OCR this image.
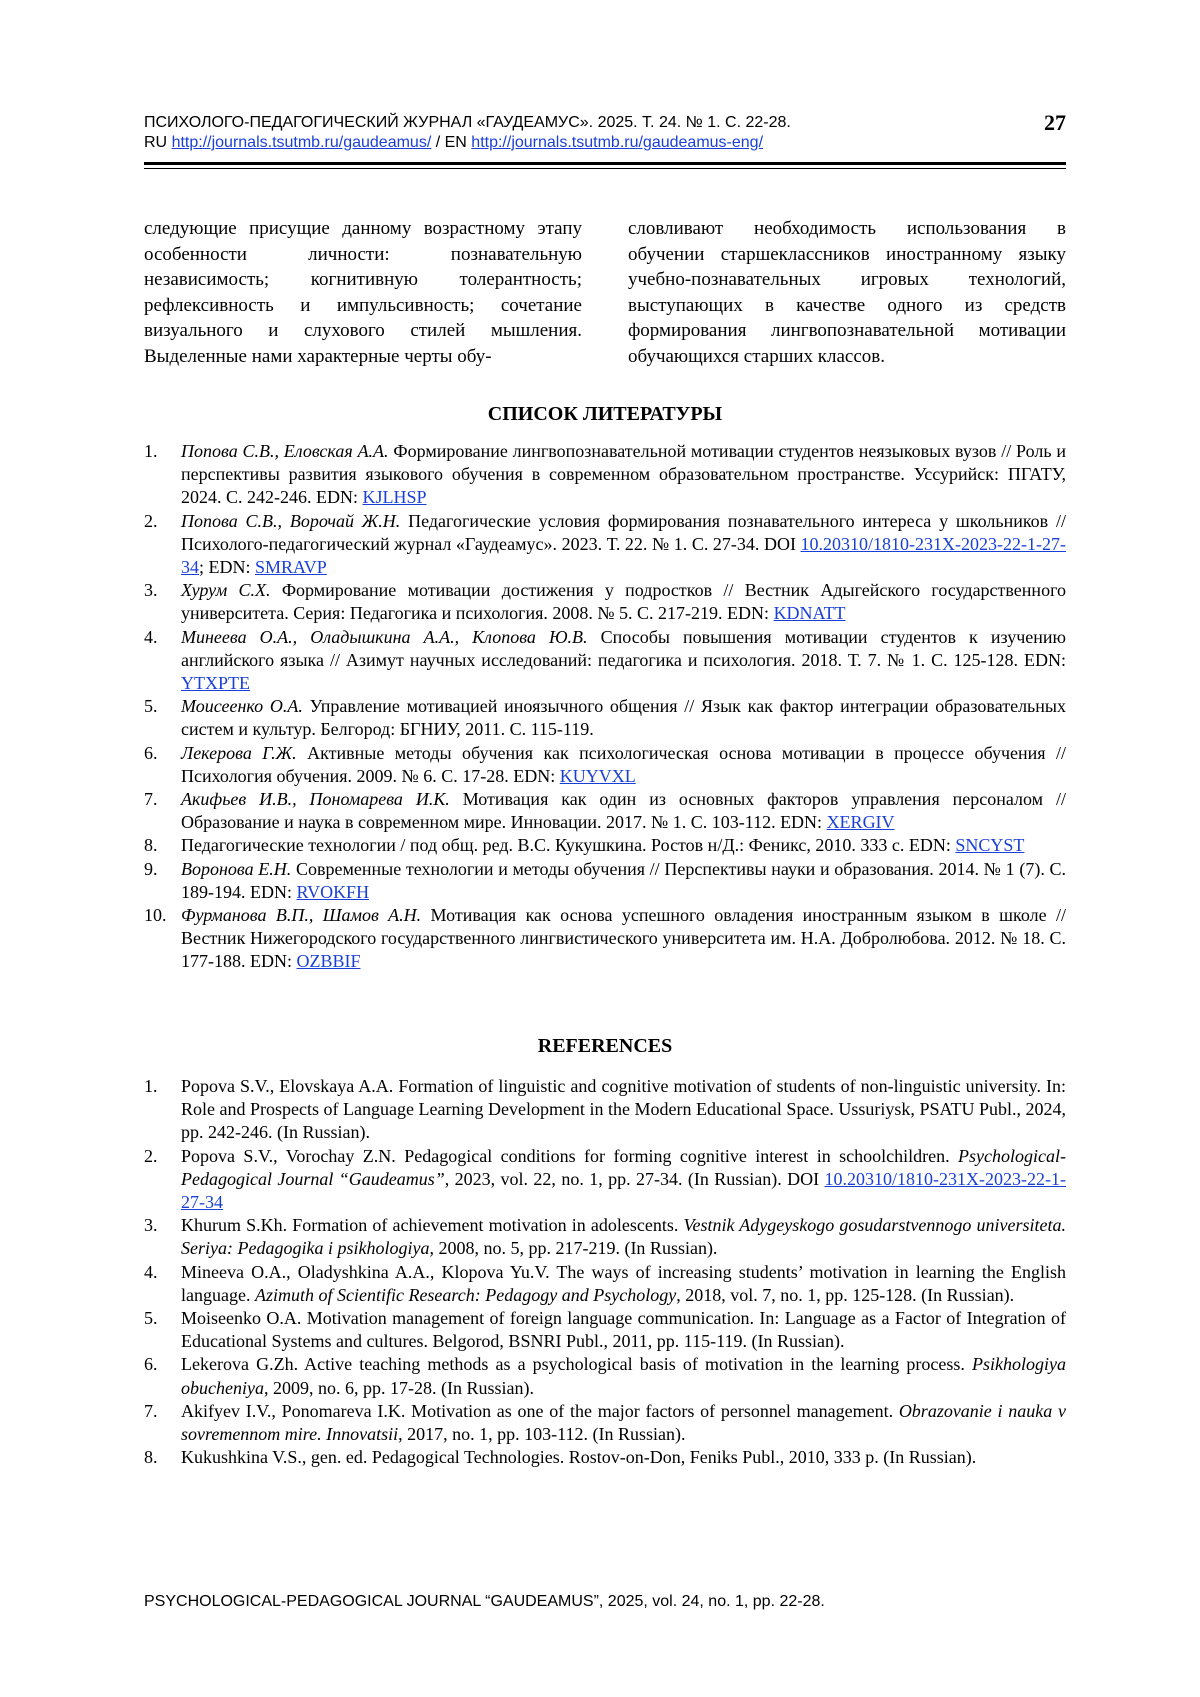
ПСИХОЛОГО-ПЕДАГОГИЧЕСКИЙ ЖУРНАЛ «ГАУДЕАМУС». 2025. Т. 24. № 1. С. 22-28.
RU http://journals.tsutmb.ru/gaudeamus/ / EN http://journals.tsutmb.ru/gaudeamus-eng/
27

следующие присущие данному возрастному этапу особенности личности: познавательную независимость; когнитивную толерантность; рефлексивность и импульсивность; сочетание визуального и слухового стилей мышления. Выделенные нами характерные черты обу-

словливают необходимость использования в обучении старшеклассников иностранному языку учебно-познавательных игровых технологий, выступающих в качестве одного из средств формирования лингвопознавательной мотивации обучающихся старших классов.

СПИСОК ЛИТЕРАТУРЫ
1. Попова С.В., Еловская А.А. Формирование лингвопознавательной мотивации студентов неязыковых вузов // Роль и перспективы развития языкового обучения в современном образовательном пространстве. Уссурийск: ПГАТУ, 2024. С. 242-246. EDN: KJLHSP
2. Попова С.В., Ворочай Ж.Н. Педагогические условия формирования познавательного интереса у школьников // Психолого-педагогический журнал «Гаудеамус». 2023. Т. 22. № 1. С. 27-34. DOI 10.20310/1810-231X-2023-22-1-27-34; EDN: SMRAVP
3. Хурум С.Х. Формирование мотивации достижения у подростков // Вестник Адыгейского государственного университета. Серия: Педагогика и психология. 2008. № 5. С. 217-219. EDN: KDNATT
4. Минеева О.А., Оладышкина А.А., Клопова Ю.В. Способы повышения мотивации студентов к изучению английского языка // Азимут научных исследований: педагогика и психология. 2018. Т. 7. № 1. С. 125-128. EDN: YTXPTE
5. Моисеенко О.А. Управление мотивацией иноязычного общения // Язык как фактор интеграции образовательных систем и культур. Белгород: БГНИУ, 2011. С. 115-119.
6. Лекерова Г.Ж. Активные методы обучения как психологическая основа мотивации в процессе обучения // Психология обучения. 2009. № 6. С. 17-28. EDN: KUYVXL
7. Акифьев И.В., Пономарева И.К. Мотивация как один из основных факторов управления персоналом // Образование и наука в современном мире. Инновации. 2017. № 1. С. 103-112. EDN: XERGIV
8. Педагогические технологии / под общ. ред. В.С. Кукушкина. Ростов н/Д.: Феникс, 2010. 333 с. EDN: SNCYST
9. Воронова Е.Н. Современные технологии и методы обучения // Перспективы науки и образования. 2014. № 1 (7). С. 189-194. EDN: RVOKFH
10. Фурманова В.П., Шамов А.Н. Мотивация как основа успешного овладения иностранным языком в школе // Вестник Нижегородского государственного лингвистического университета им. Н.А. Добролюбова. 2012. № 18. С. 177-188. EDN: OZBBIF
REFERENCES
1. Popova S.V., Elovskaya A.A. Formation of linguistic and cognitive motivation of students of non-linguistic university. In: Role and Prospects of Language Learning Development in the Modern Educational Space. Ussuriysk, PSATU Publ., 2024, pp. 242-246. (In Russian).
2. Popova S.V., Vorochay Z.N. Pedagogical conditions for forming cognitive interest in schoolchildren. Psychological-Pedagogical Journal “Gaudeamus”, 2023, vol. 22, no. 1, pp. 27-34. (In Russian). DOI 10.20310/1810-231X-2023-22-1-27-34
3. Khurum S.Kh. Formation of achievement motivation in adolescents. Vestnik Adygeyskogo gosudarstvennogo universiteta. Seriya: Pedagogika i psikhologiya, 2008, no. 5, pp. 217-219. (In Russian).
4. Mineeva O.A., Oladyshkina A.A., Klopova Yu.V. The ways of increasing students’ motivation in learning the English language. Azimuth of Scientific Research: Pedagogy and Psychology, 2018, vol. 7, no. 1, pp. 125-128. (In Russian).
5. Moiseenko O.A. Motivation management of foreign language communication. In: Language as a Factor of Integration of Educational Systems and cultures. Belgorod, BSNRI Publ., 2011, pp. 115-119. (In Russian).
6. Lekerova G.Zh. Active teaching methods as a psychological basis of motivation in the learning process. Psikhologiya obucheniya, 2009, no. 6, pp. 17-28. (In Russian).
7. Akifyev I.V., Ponomareva I.K. Motivation as one of the major factors of personnel management. Obrazovanie i nauka v sovremennom mire. Innovatsii, 2017, no. 1, pp. 103-112. (In Russian).
8. Kukushkina V.S., gen. ed. Pedagogical Technologies. Rostov-on-Don, Feniks Publ., 2010, 333 p. (In Russian).
PSYCHOLOGICAL-PEDAGOGICAL JOURNAL “GAUDEAMUS”, 2025, vol. 24, no. 1, pp. 22-28.
